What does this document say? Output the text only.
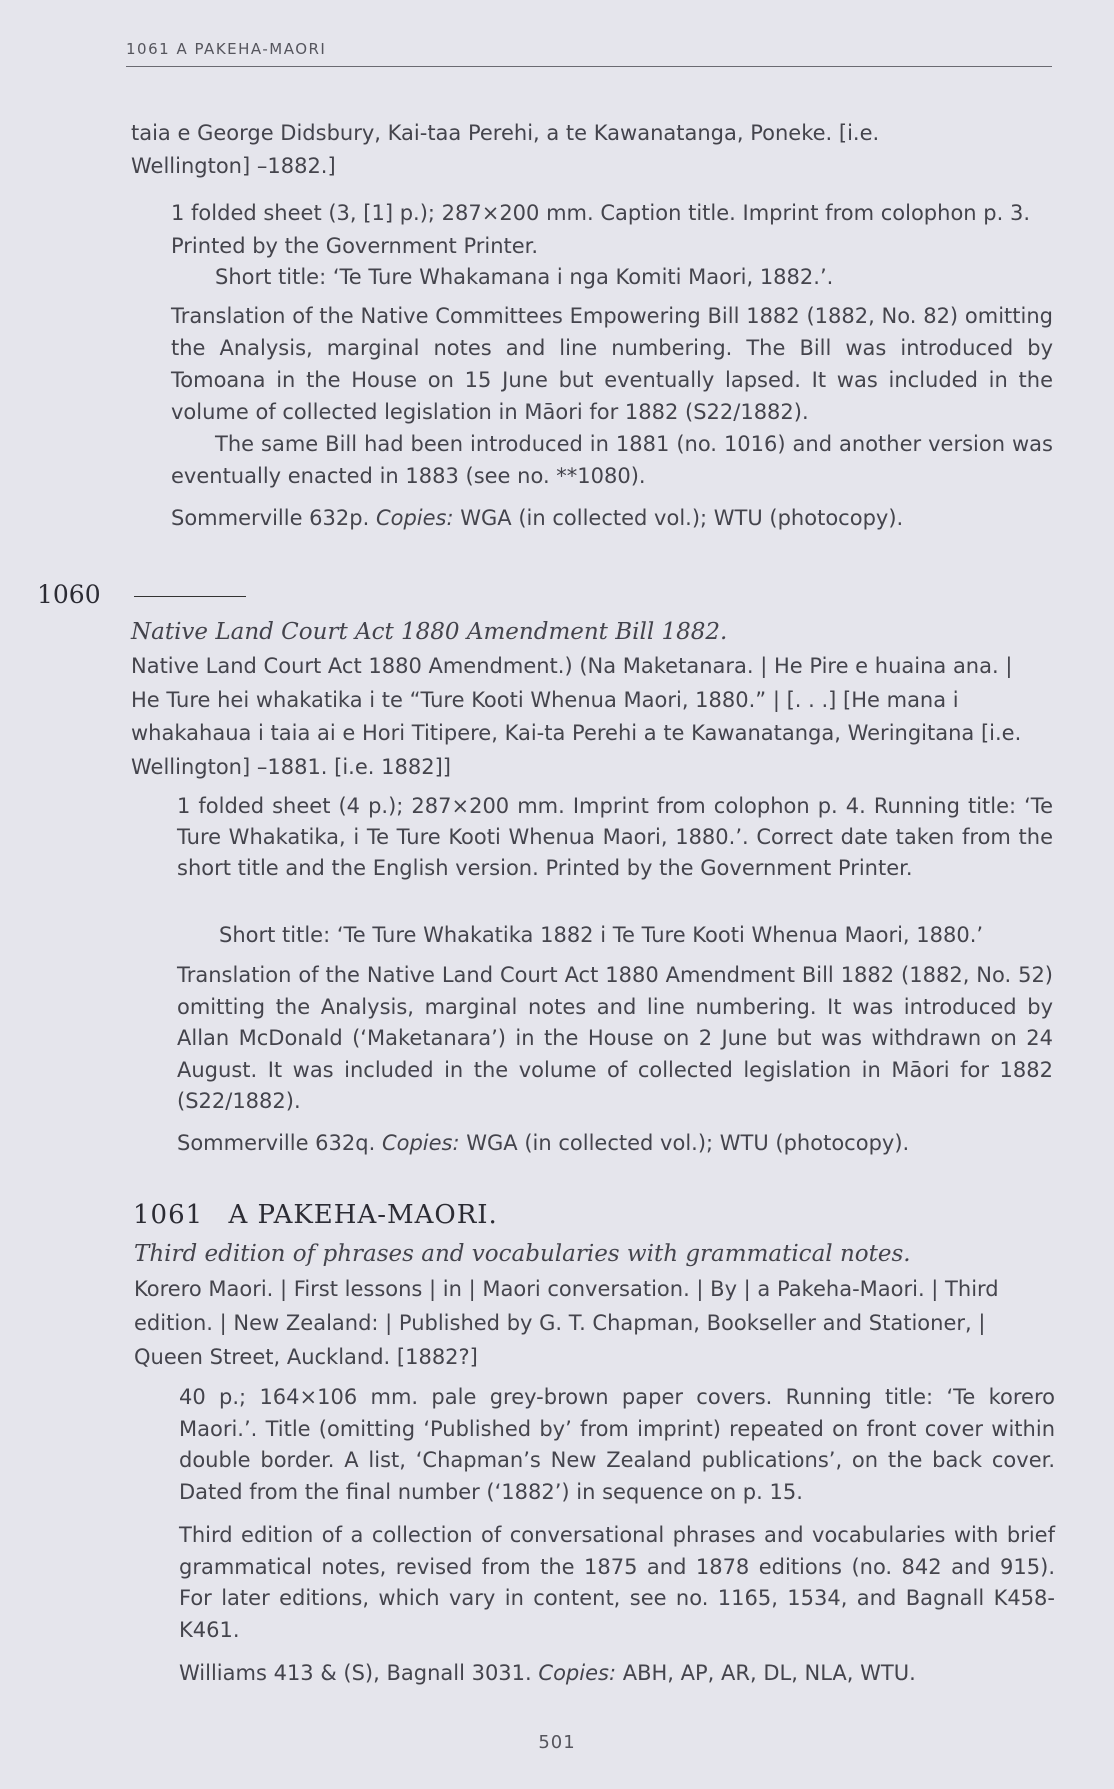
1061 A PAKEHA-MAORI
taia e George Didsbury, Kai-taa Perehi, a te Kawanatanga, Poneke. [i.e. Wellington] –1882.]
1 folded sheet (3, [1] p.); 287×200 mm. Caption title. Imprint from colophon p. 3. Printed by the Government Printer.
Short title: ‘Te Ture Whakamana i nga Komiti Maori, 1882.’.
Translation of the Native Committees Empowering Bill 1882 (1882, No. 82) omitting the Analysis, marginal notes and line numbering. The Bill was introduced by Tomoana in the House on 15 June but eventually lapsed. It was included in the volume of collected legislation in Māori for 1882 (S22/1882).
The same Bill had been introduced in 1881 (no. 1016) and another version was eventually enacted in 1883 (see no. **1080).
Sommerville 632p. Copies: WGA (in collected vol.); WTU (photocopy).
1060
Native Land Court Act 1880 Amendment Bill 1882.
Native Land Court Act 1880 Amendment.) (Na Maketanara. | He Pire e huaina ana. | He Ture hei whakatika i te “Ture Kooti Whenua Maori, 1880.” | [. . .] [He mana i whakahaua i taia ai e Hori Titipere, Kai-ta Perehi a te Kawanatanga, Weringitana [i.e. Wellington] –1881. [i.e. 1882]]
1 folded sheet (4 p.); 287×200 mm. Imprint from colophon p. 4. Running title: ‘Te Ture Whakatika, i Te Ture Kooti Whenua Maori, 1880.’. Correct date taken from the short title and the English version. Printed by the Government Printer.
Short title: ‘Te Ture Whakatika 1882 i Te Ture Kooti Whenua Maori, 1880.’
Translation of the Native Land Court Act 1880 Amendment Bill 1882 (1882, No. 52) omitting the Analysis, marginal notes and line numbering. It was introduced by Allan McDonald (‘Maketanara’) in the House on 2 June but was withdrawn on 24 August. It was included in the volume of collected legislation in Māori for 1882 (S22/1882).
Sommerville 632q. Copies: WGA (in collected vol.); WTU (photocopy).
1061 A PAKEHA-MAORI.
Third edition of phrases and vocabularies with grammatical notes.
Korero Maori. | First lessons | in | Maori conversation. | By | a Pakeha-Maori. | Third edition. | New Zealand: | Published by G. T. Chapman, Bookseller and Stationer, | Queen Street, Auckland. [1882?]
40 p.; 164×106 mm. pale grey-brown paper covers. Running title: ‘Te korero Maori.’. Title (omitting ‘Published by’ from imprint) repeated on front cover within double border. A list, ‘Chapman’s New Zealand publications’, on the back cover. Dated from the final number (‘1882’) in sequence on p. 15.
Third edition of a collection of conversational phrases and vocabularies with brief grammatical notes, revised from the 1875 and 1878 editions (no. 842 and 915). For later editions, which vary in content, see no. 1165, 1534, and Bagnall K458-K461.
Williams 413 & (S), Bagnall 3031. Copies: ABH, AP, AR, DL, NLA, WTU.
501
